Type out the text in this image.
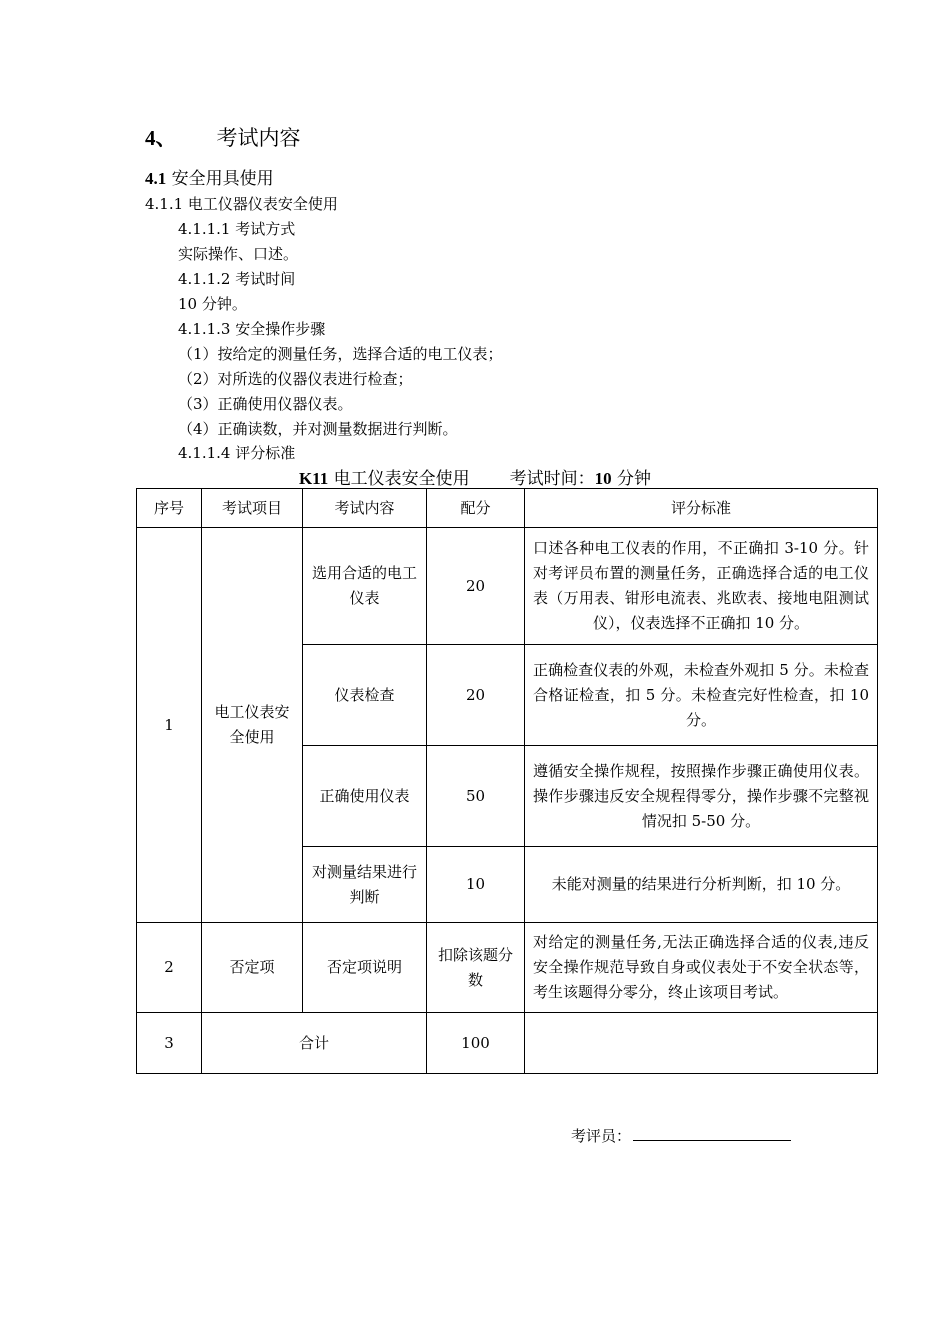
4、 考试内容
4.1 安全用具使用
4.1.1 电工仪器仪表安全使用
4.1.1.1 考试方式
实际操作、口述。
4.1.1.2 考试时间
10 分钟。
4.1.1.3 安全操作步骤
（1）按给定的测量任务，选择合适的电工仪表；
（2）对所选的仪器仪表进行检查；
（3）正确使用仪器仪表。
（4）正确读数，并对测量数据进行判断。
4.1.1.4 评分标准
K11 电工仪表安全使用 考试时间：10 分钟
序号	考试项目	考试内容	配分	评分标准
1	电工仪表安全使用	选用合适的电工仪表	20	口述各种电工仪表的作用，不正确扣 3-10 分。针对考评员布置的测量任务，正确选择合适的电工仪表（万用表、钳形电流表、兆欧表、接地电阻测试仪），仪表选择不正确扣 10 分。
		仪表检查	20	正确检查仪表的外观，未检查外观扣 5 分。未检查合格证检查，扣 5 分。未检查完好性检查，扣 10 分。
		正确使用仪表	50	遵循安全操作规程，按照操作步骤正确使用仪表。操作步骤违反安全规程得零分，操作步骤不完整视情况扣 5-50 分。
		对测量结果进行判断	10	未能对测量的结果进行分析判断，扣 10 分。
2	否定项	否定项说明	扣除该题分数	对给定的测量任务,无法正确选择合适的仪表,违反安全操作规范导致自身或仪表处于不安全状态等，考生该题得分零分，终止该项目考试。
3	合计		100	
考评员：
